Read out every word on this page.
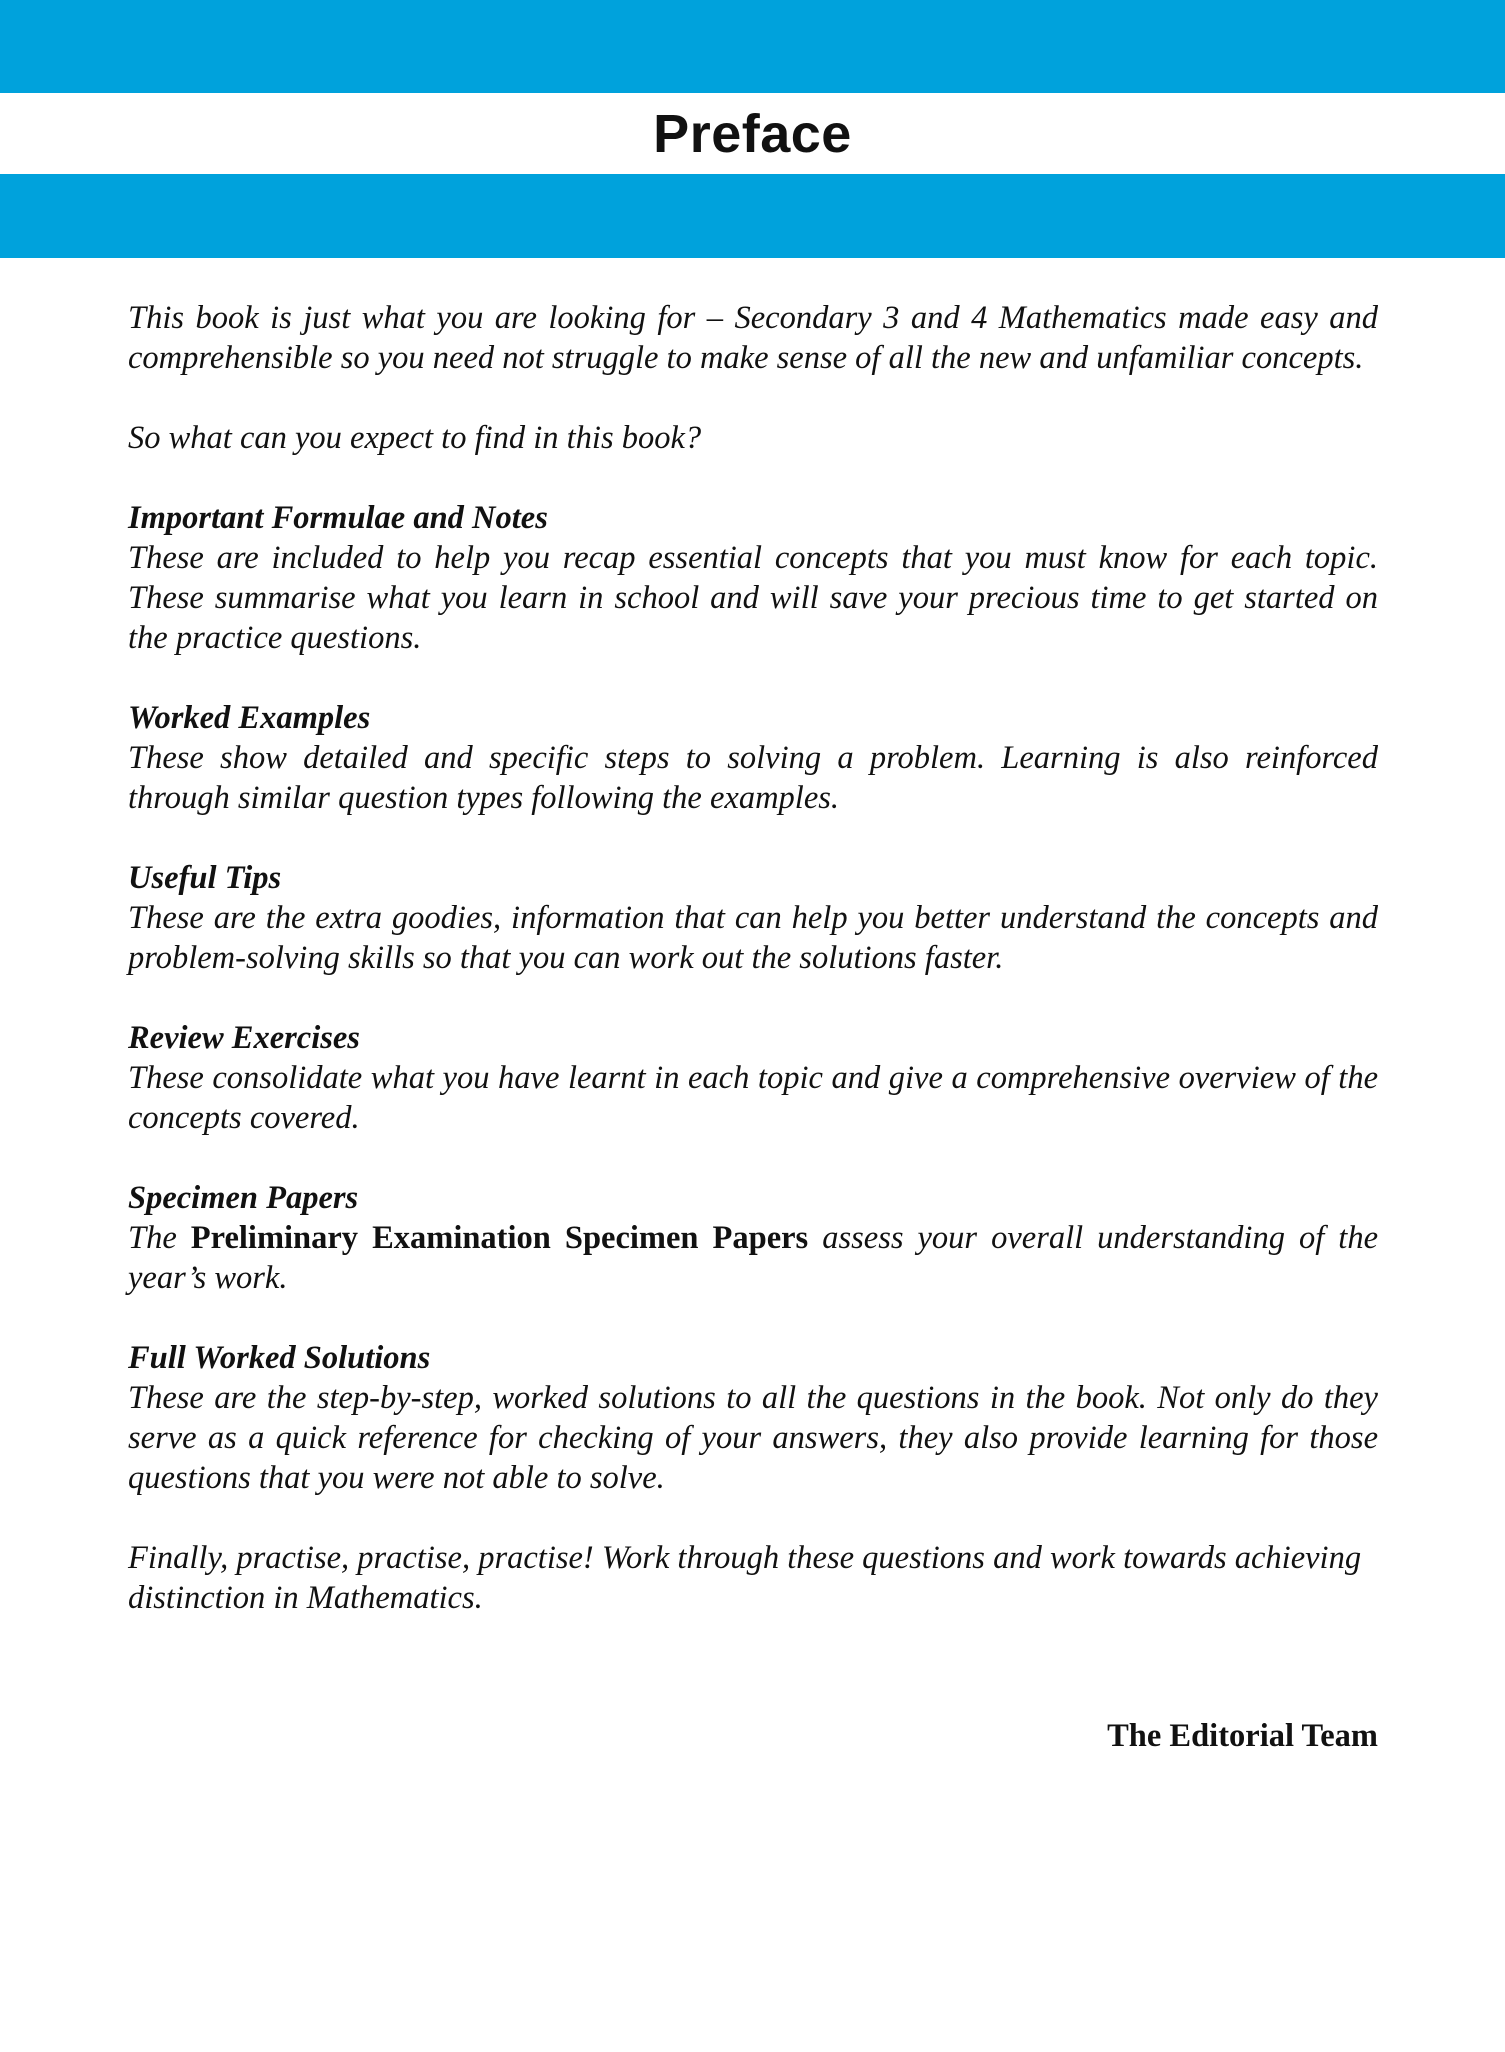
Preface

This book is just what you are looking for – Secondary 3 and 4 Mathematics made easy and comprehensible so you need not struggle to make sense of all the new and unfamiliar concepts.

So what can you expect to find in this book?

Important Formulae and Notes

These are included to help you recap essential concepts that you must know for each topic. These summarise what you learn in school and will save your precious time to get started on the practice questions.

Worked Examples

These show detailed and specific steps to solving a problem. Learning is also reinforced through similar question types following the examples.

Useful Tips

These are the extra goodies, information that can help you better understand the concepts and problem-solving skills so that you can work out the solutions faster.

Review Exercises

These consolidate what you have learnt in each topic and give a comprehensive overview of the concepts covered.

Specimen Papers

The Preliminary Examination Specimen Papers assess your overall understanding of the year’s work.

Full Worked Solutions

These are the step-by-step, worked solutions to all the questions in the book. Not only do they serve as a quick reference for checking of your answers, they also provide learning for those questions that you were not able to solve.

Finally, practise, practise, practise! Work through these questions and work towards achieving distinction in Mathematics.

The Editorial Team
